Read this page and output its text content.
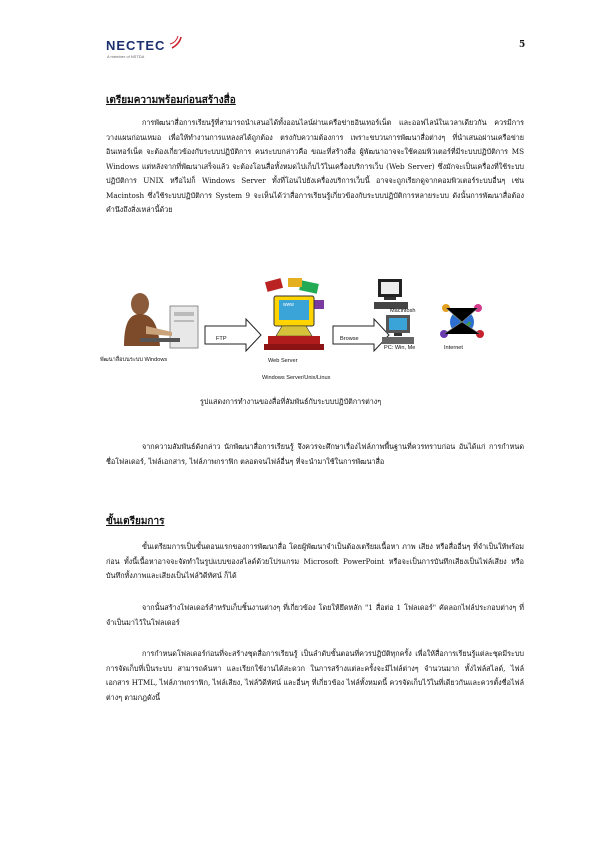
NECTEC
A member of NSTDA
5
เตรียมความพร้อมก่อนสร้างสื่อ
การพัฒนาสื่อการเรียนรู้ที่สามารถนำเสนอได้ทั้งออนไลน์ผ่านเครือข่ายอินเทอร์เน็ต และออฟไลน์ในเวลาเดียวกัน ควรมีการวางแผนก่อนเหมอ เพื่อให้ทำงานการแหลงสได้ถูกต้อง ตรงกับความต้องการ เพราะขบวนการพัฒนาสื่อต่างๆ ที่นำเสนอผ่านเครือข่ายอินเทอร์เน็ต จะต้องเกี่ยวข้องกับระบบปฏิบัติการ คนระบบกล่าวคือ ขณะที่สร้างสื่อ ผู้พัฒนาอาจจะใช้คอมพิวเตอร์ที่มีระบบปฏิบัติการ MS Windows แต่หลังจากที่พัฒนาเสร็จแล้ว จะต้องโอนสื่อทั้งหมดไปเก็บไว้ในเครื่องบริการเว็บ (Web Server) ซึ่งมักจะเป็นเครื่องที่ใช้ระบบปฏิบัติการ UNIX หรือไม่ก็ Windows Server ทั้งที่โอนไปยังเครื่องบริการเว็บนี้ อาจจะถูกเรียกดูจากคอมพิวเตอร์ระบบอื่นๆ เช่น Macintosh ซึ่งใช้ระบบปฏิบัติการ System 9 จะเห็นได้ว่าสื่อการเรียนรู้เกี่ยวข้องกับระบบปฏิบัติการหลายระบบ ดังนั้นการพัฒนาสื่อต้องคำนึงถึงสิ่งเหล่านี้ด้วย
พัฒนาสื่อบนระบบ Windows
FTP
www
Web Server
Windows Server/Unix/Linux
Browse
Macintosh
PC: Win, Me	Internet
รูปแสดงการทำงานของสื่อที่สัมพันธ์กับระบบปฏิบัติการต่างๆ
จากความสัมพันธ์ดังกล่าว นักพัฒนาสื่อการเรียนรู้ จึงควรจะศึกษาเรื่องไฟล์ภาพพื้นฐานที่ควรทราบก่อน อันได้แก่ การกำหนดชื่อโฟลเดอร์, ไฟล์เอกสาร, ไฟล์ภาพกราฟิก ตลอดจนไฟล์อื่นๆ ที่จะนำมาใช้ในการพัฒนาสื่อ
ขั้นเตรียมการ
ขั้นเตรียมการเป็นขั้นตอนแรกของการพัฒนาสื่อ โดยผู้พัฒนาจำเป็นต้องเตรียมเนื้อหา ภาพ เสียง หรือสื่ออื่นๆ ที่จำเป็นให้พร้อมก่อน ทั้งนี้เนื้อหาอาจจะจัดทำในรูปแบบของสไลด์ด้วยโปรแกรม Microsoft PowerPoint หรือจะเป็นการบันทึกเสียงเป็นไฟล์เสียง หรือบันทึกทั้งภาพและเสียงเป็นไฟล์วิดีทัศน์ ก็ได้
จากนั้นสร้างโฟลเดอร์สำหรับเก็บชิ้นงานต่างๆ ที่เกี่ยวข้อง โดยให้ยึดหลัก "1 สื่อต่อ 1 โฟลเดอร์" คัดลอกไฟล์ประกอบต่างๆ ที่จำเป็นมาไว้ในโฟลเดอร์
การกำหนดโฟลเดอร์ก่อนที่จะสร้างชุดสื่อการเรียนรู้ เป็นลำดับขั้นตอนที่ควรปฏิบัติทุกครั้ง เพื่อให้สื่อการเรียนรู้แต่ละชุดมีระบบการจัดเก็บที่เป็นระบบ สามารถค้นหา และเรียกใช้งานได้สะดวก ในการสร้างแต่ละครั้งจะมีไฟล์ต่างๆ จำนวนมาก ทั้งไฟล์สไลด์, ไฟล์เอกสาร HTML, ไฟล์ภาพกราฟิก, ไฟล์เสียง, ไฟล์วิดีทัศน์ และอื่นๆ ที่เกี่ยวข้อง ไฟล์ทั้งหมดนี้ ควรจัดเก็บไว้ในที่เดียวกันและควรตั้งชื่อไฟล์ต่างๆ ตามกฎดังนี้
